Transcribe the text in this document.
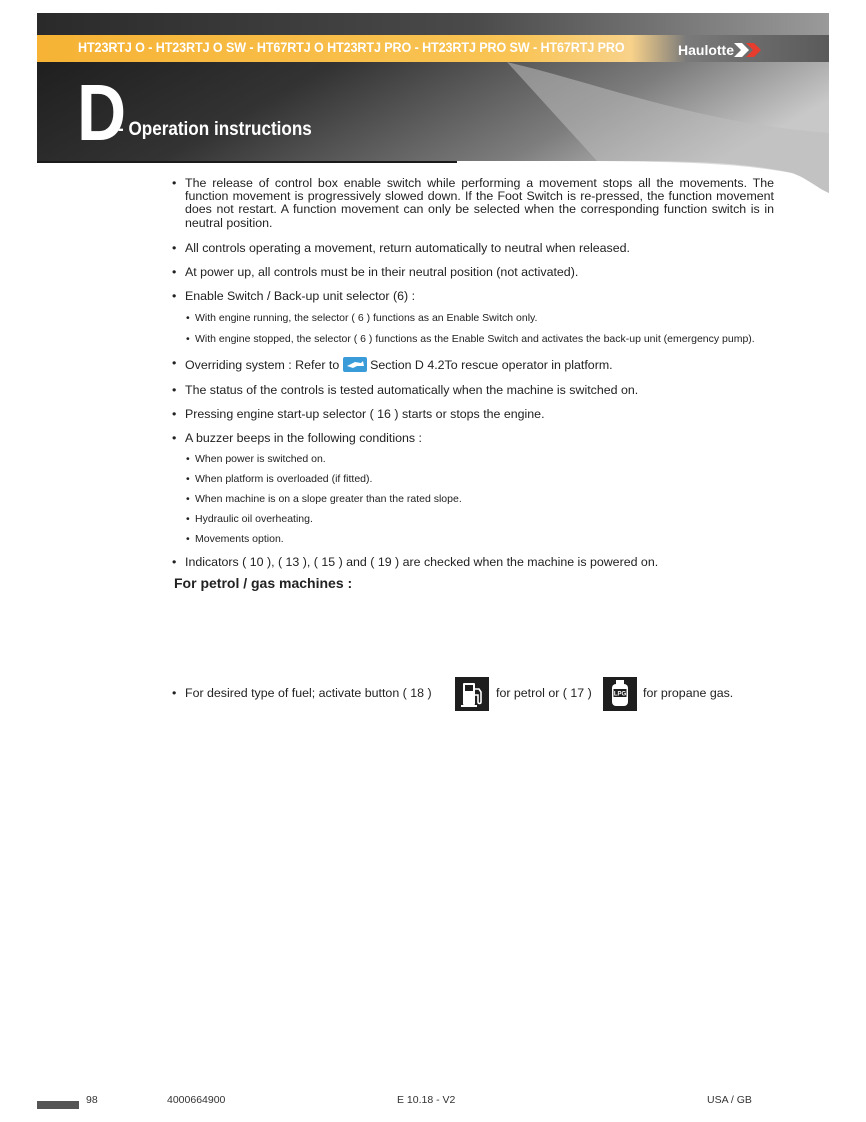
HT23RTJ O - HT23RTJ O SW - HT67RTJ O HT23RTJ PRO - HT23RTJ PRO SW - HT67RTJ PRO	Haulotte
D
- Operation instructions

• The release of control box enable switch while performing a movement stops all the movements. The function movement is progressively slowed down. If the Foot Switch is re-pressed, the function movement does not restart. A function movement can only be selected when the corresponding function switch is in neutral position.

• All controls operating a movement, return automatically to neutral when released.

• At power up, all controls must be in their neutral position (not activated).

• Enable Switch / Back-up unit selector (6) :

• With engine running, the selector ( 6 ) functions as an Enable Switch only.
• With engine stopped, the selector ( 6 ) functions as the Enable Switch and activates the back-up unit (emergency pump).

• Overriding system : Refer to Section D 4.2To rescue operator in platform.

• The status of the controls is tested automatically when the machine is switched on.

• Pressing engine start-up selector ( 16 ) starts or stops the engine.

• A buzzer beeps in the following conditions :

• When power is switched on.
• When platform is overloaded (if fitted).
• When machine is on a slope greater than the rated slope.
• Hydraulic oil overheating.
• Movements option.

• Indicators ( 10 ), ( 13 ), ( 15 ) and ( 19 ) are checked when the machine is powered on.

For petrol / gas machines :
For desired type of fuel; activate button ( 18 )	for petrol or ( 17 )	LPG for propane gas.
98	4000664900	E 10.18 - V2	USA / GB
